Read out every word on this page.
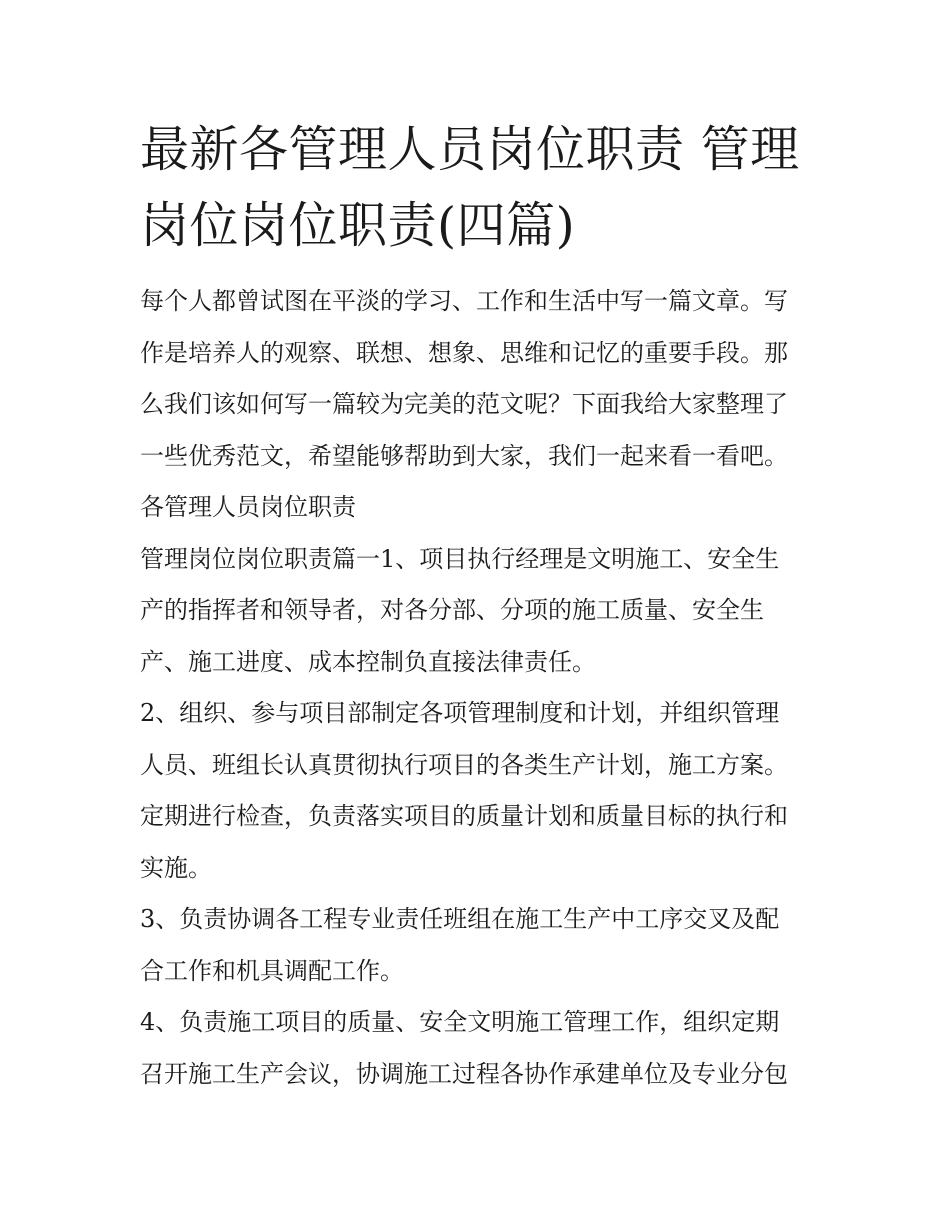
最新各管理人员岗位职责 管理
岗位岗位职责(四篇)
每个人都曾试图在平淡的学习、工作和生活中写一篇文章。写
作是培养人的观察、联想、想象、思维和记忆的重要手段。那
么我们该如何写一篇较为完美的范文呢？下面我给大家整理了
一些优秀范文，希望能够帮助到大家，我们一起来看一看吧。
各管理人员岗位职责
管理岗位岗位职责篇一1、项目执行经理是文明施工、安全生
产的指挥者和领导者，对各分部、分项的施工质量、安全生
产、施工进度、成本控制负直接法律责任。
2、组织、参与项目部制定各项管理制度和计划，并组织管理
人员、班组长认真贯彻执行项目的各类生产计划，施工方案。
定期进行检查，负责落实项目的质量计划和质量目标的执行和
实施。
3、负责协调各工程专业责任班组在施工生产中工序交叉及配
合工作和机具调配工作。
4、负责施工项目的质量、安全文明施工管理工作，组织定期
召开施工生产会议，协调施工过程各协作承建单位及专业分包
